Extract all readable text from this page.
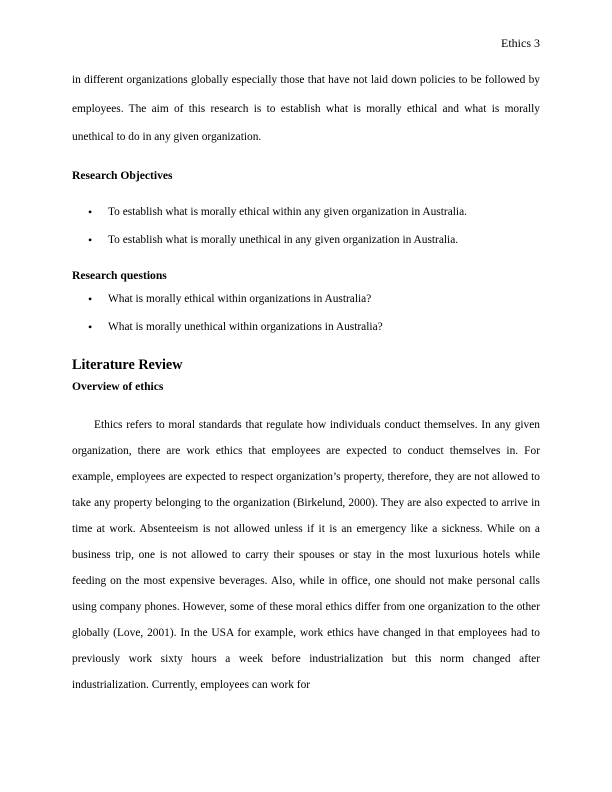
Ethics 3

in different organizations globally especially those that have not laid down policies to be followed by employees. The aim of this research is to establish what is morally ethical and what is morally unethical to do in any given organization.

Research Objectives
• To establish what is morally ethical within any given organization in Australia.
• To establish what is morally unethical in any given organization in Australia.
Research questions
• What is morally ethical within organizations in Australia?
• What is morally unethical within organizations in Australia?
Literature Review
Overview of ethics

Ethics refers to moral standards that regulate how individuals conduct themselves. In any given organization, there are work ethics that employees are expected to conduct themselves in. For example, employees are expected to respect organization’s property, therefore, they are not allowed to take any property belonging to the organization (Birkelund, 2000). They are also expected to arrive in time at work. Absenteeism is not allowed unless if it is an emergency like a sickness. While on a business trip, one is not allowed to carry their spouses or stay in the most luxurious hotels while feeding on the most expensive beverages. Also, while in office, one should not make personal calls using company phones. However, some of these moral ethics differ from one organization to the other globally (Love, 2001). In the USA for example, work ethics have changed in that employees had to previously work sixty hours a week before industrialization but this norm changed after industrialization. Currently, employees can work for
